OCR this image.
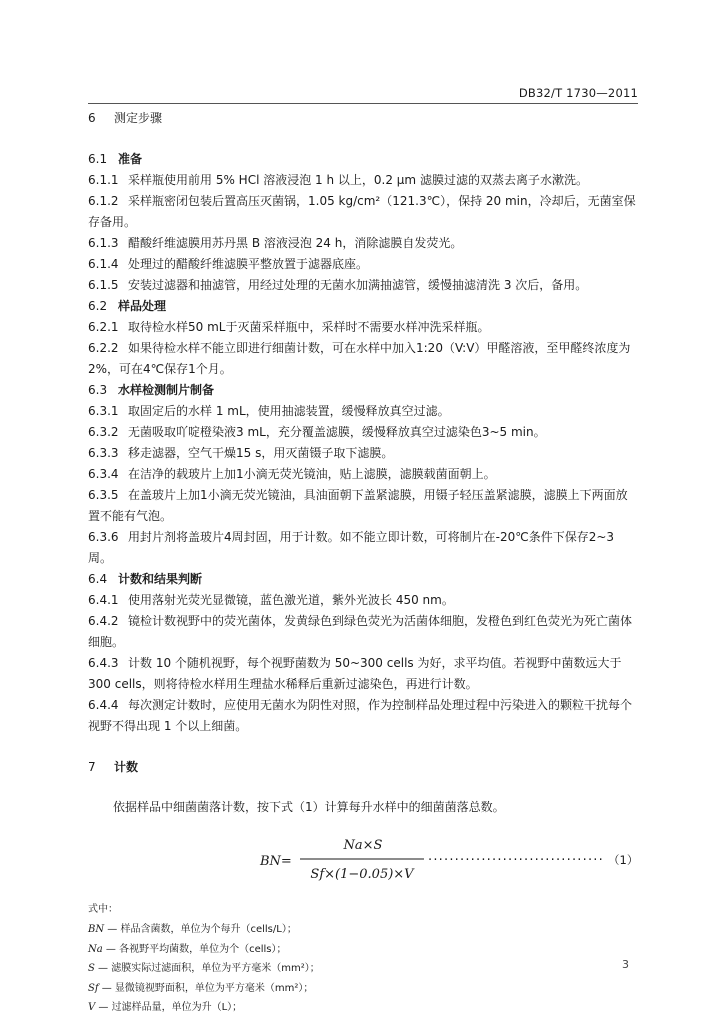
DB32/T 1730—2011
6 测定步骤
6.1 准备
6.1.1 采样瓶使用前用 5% HCl 溶液浸泡 1 h 以上，0.2 μm 滤膜过滤的双蒸去离子水漱洗。
6.1.2 采样瓶密闭包装后置高压灭菌锅，1.05 kg/cm²（121.3℃），保持 20 min，冷却后，无菌室保存备用。
6.1.3 醋酸纤维滤膜用苏丹黑 B 溶液浸泡 24 h，消除滤膜自发荧光。
6.1.4 处理过的醋酸纤维滤膜平整放置于滤器底座。
6.1.5 安装过滤器和抽滤管，用经过处理的无菌水加满抽滤管，缓慢抽滤清洗 3 次后，备用。
6.2 样品处理
6.2.1 取待检水样50 mL于灭菌采样瓶中，采样时不需要水样冲洗采样瓶。
6.2.2 如果待检水样不能立即进行细菌计数，可在水样中加入1:20（V:V）甲醛溶液，至甲醛终浓度为2%，可在4℃保存1个月。
6.3 水样检测制片制备
6.3.1 取固定后的水样 1 mL，使用抽滤装置，缓慢释放真空过滤。
6.3.2 无菌吸取吖啶橙染液3 mL，充分覆盖滤膜，缓慢释放真空过滤染色3~5 min。
6.3.3 移走滤器，空气干燥15 s，用灭菌镊子取下滤膜。
6.3.4 在洁净的载玻片上加1小滴无荧光镜油，贴上滤膜，滤膜载菌面朝上。
6.3.5 在盖玻片上加1小滴无荧光镜油，具油面朝下盖紧滤膜，用镊子轻压盖紧滤膜，滤膜上下两面放置不能有气泡。
6.3.6 用封片剂将盖玻片4周封固，用于计数。如不能立即计数，可将制片在-20℃条件下保存2~3周。
6.4 计数和结果判断
6.4.1 使用落射光荧光显微镜，蓝色激光道，紫外光波长 450 nm。
6.4.2 镜检计数视野中的荧光菌体，发黄绿色到绿色荧光为活菌体细胞，发橙色到红色荧光为死亡菌体细胞。
6.4.3 计数 10 个随机视野，每个视野菌数为 50~300 cells 为好，求平均值。若视野中菌数远大于 300 cells，则将待检水样用生理盐水稀释后重新过滤染色，再进行计数。
6.4.4 每次测定计数时，应使用无菌水为阴性对照，作为控制样品处理过程中污染进入的颗粒干扰每个视野不得出现 1 个以上细菌。
7 计数
依据样品中细菌菌落计数，按下式（1）计算每升水样中的细菌菌落总数。
BN=
Na×S
Sf×(1−0.05)×V
································· （1）
式中：
BN — 样品含菌数，单位为个每升（cells/L）；
Na — 各视野平均菌数，单位为个（cells）；
S — 滤膜实际过滤面积，单位为平方毫米（mm²）；
Sf — 显微镜视野面积，单位为平方毫米（mm²）；
V — 过滤样品量，单位为升（L）；
3
